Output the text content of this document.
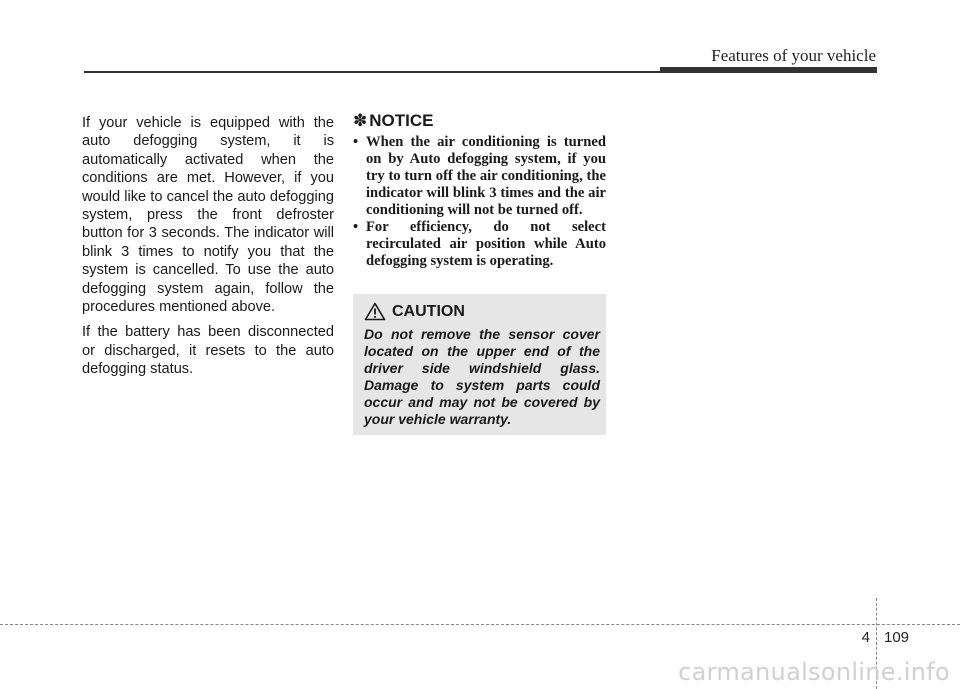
Features of your vehicle

If your vehicle is equipped with the auto defogging system, it is automatically activated when the conditions are met. However, if you would like to cancel the auto defogging system, press the front defroster button for 3 seconds. The indicator will blink 3 times to notify you that the system is cancelled. To use the auto defogging system again, follow the procedures mentioned above.

If the battery has been disconnected or discharged, it resets to the auto defogging status.

✽ NOTICE
• When the air conditioning is turned on by Auto defogging system, if you try to turn off the air conditioning, the indicator will blink 3 times and the air conditioning will not be turned off.
• For efficiency, do not select recirculated air position while Auto defogging system is operating.
CAUTION
Do not remove the sensor cover located on the upper end of the driver side windshield glass. Damage to system parts could occur and may not be covered by your vehicle warranty.
4 109
carmanualsonline.info
